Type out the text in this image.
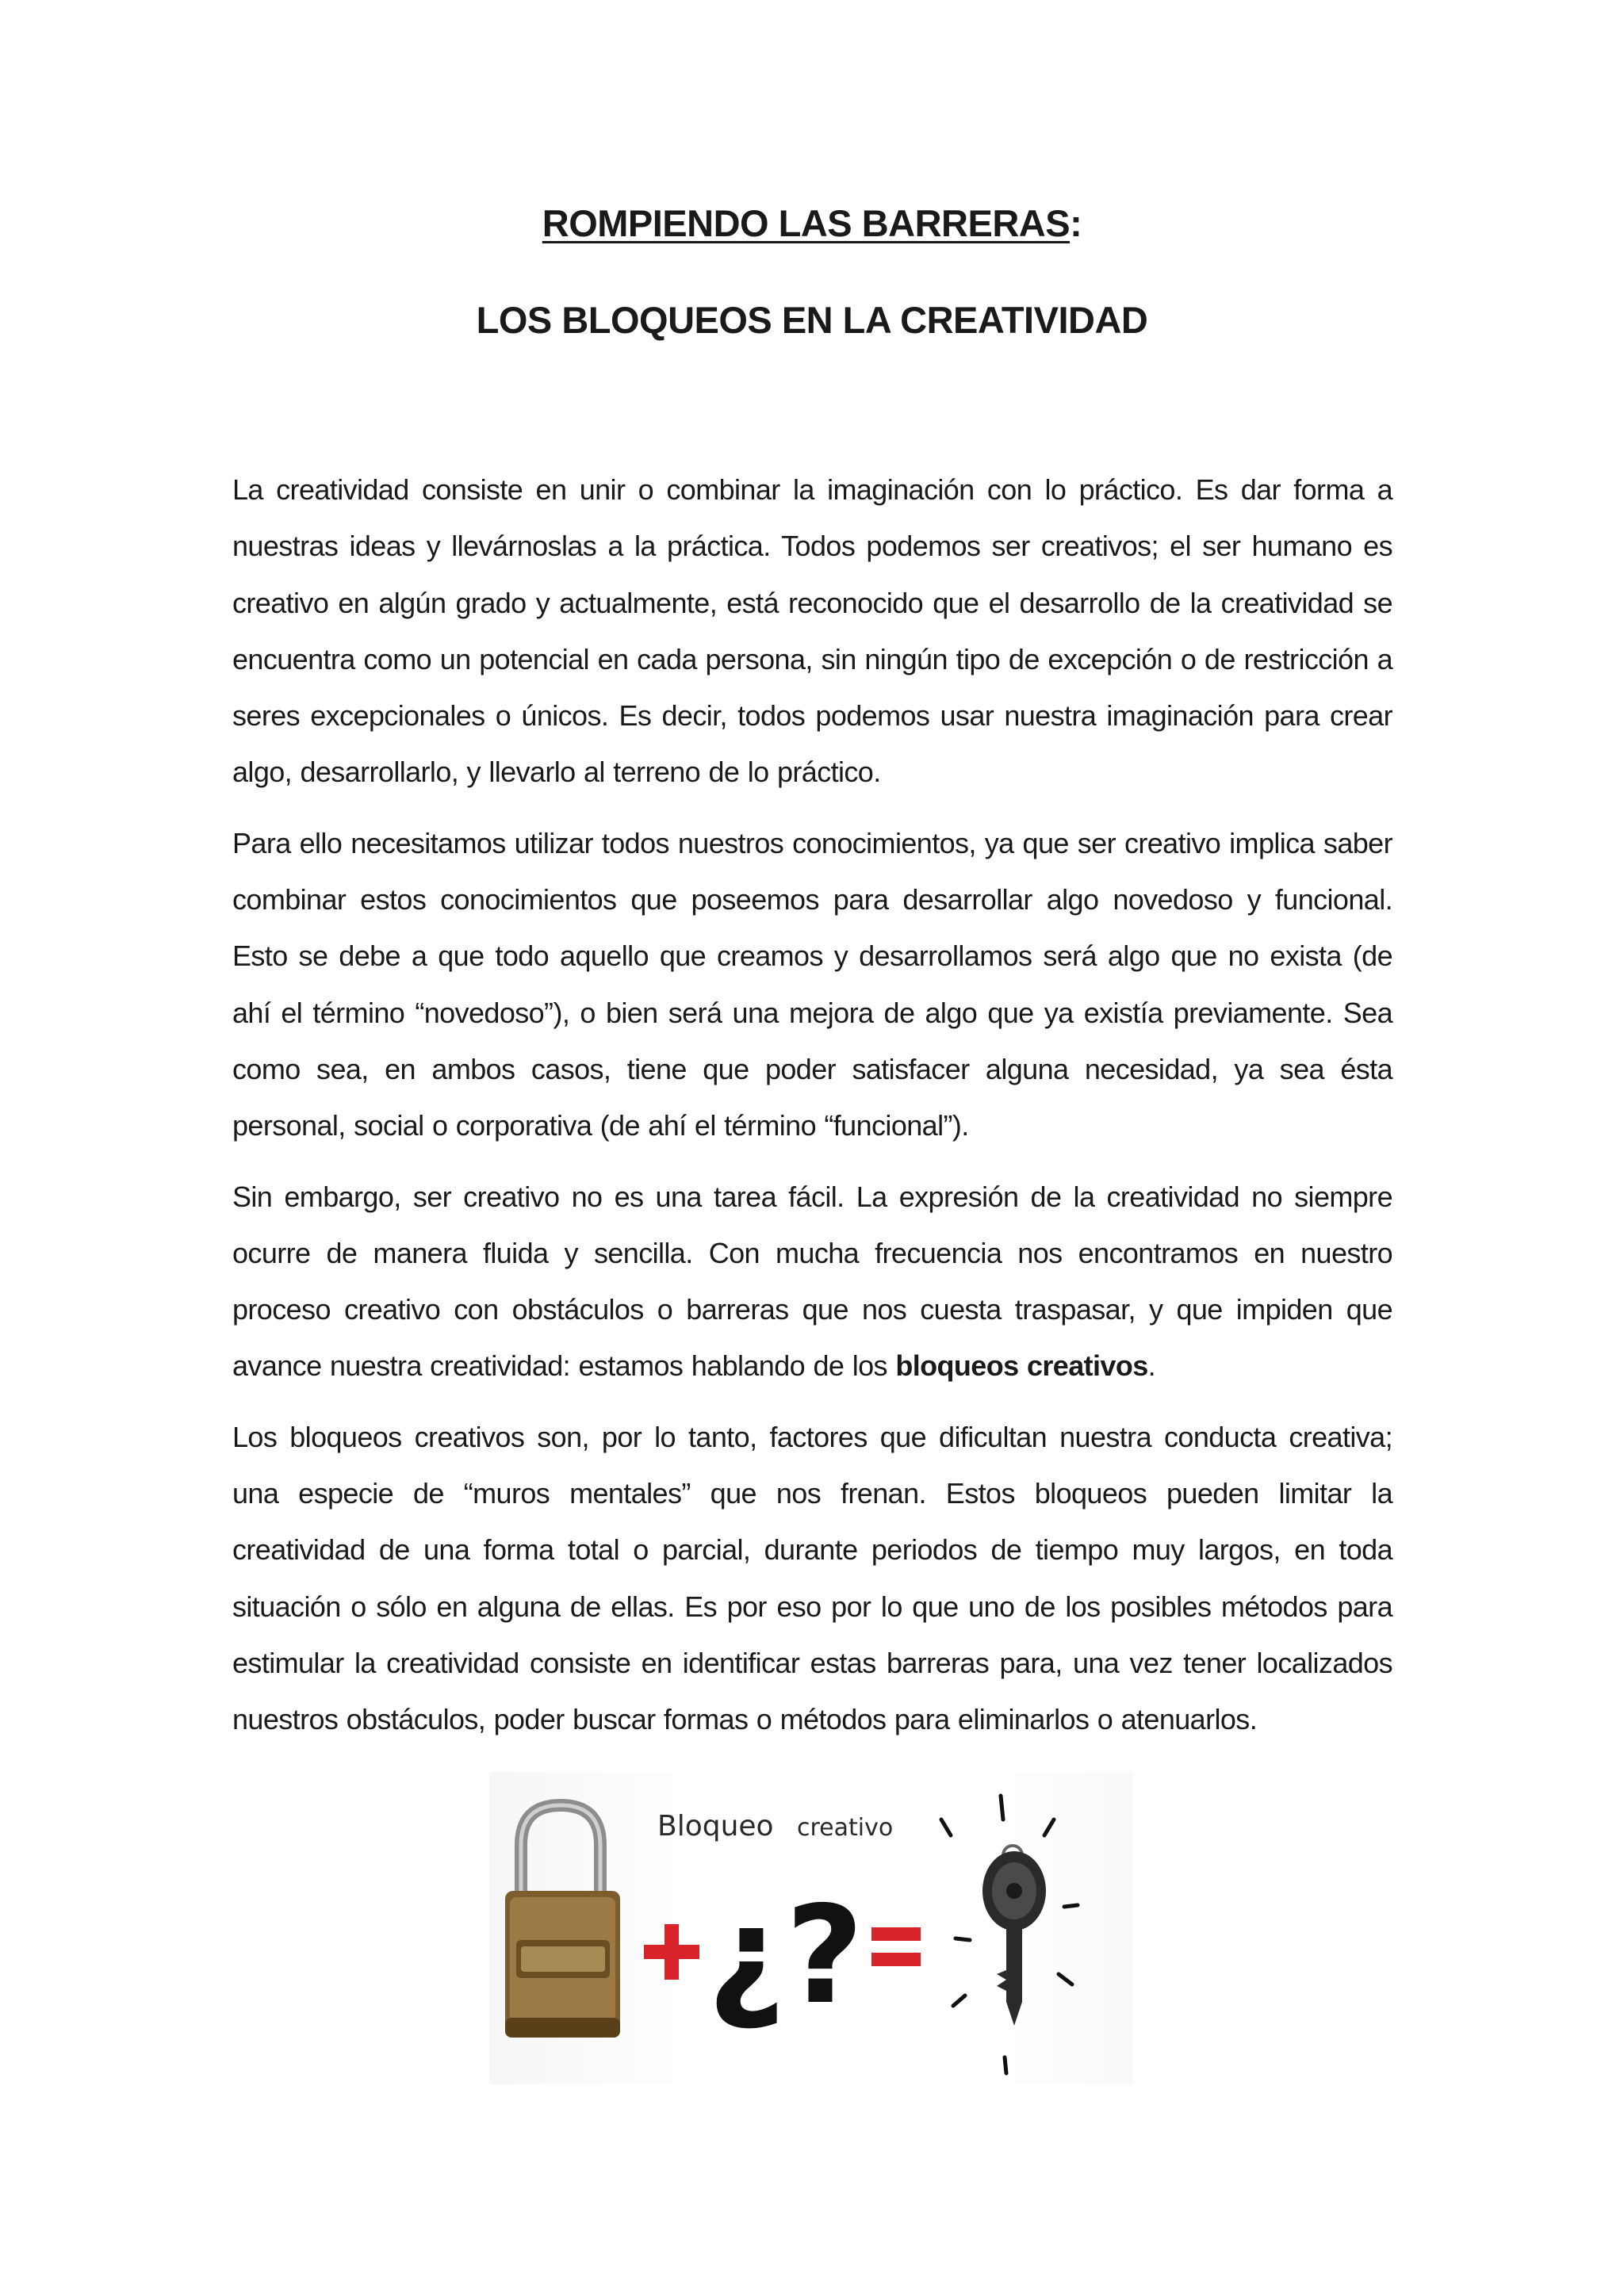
ROMPIENDO LAS BARRERAS:
LOS BLOQUEOS EN LA CREATIVIDAD

La creatividad consiste en unir o combinar la imaginación con lo práctico. Es dar forma a nuestras ideas y llevárnoslas a la práctica. Todos podemos ser creativos; el ser humano es creativo en algún grado y actualmente, está reconocido que el desarrollo de la creatividad se encuentra como un potencial en cada persona, sin ningún tipo de excepción o de restricción a seres excepcionales o únicos. Es decir, todos podemos usar nuestra imaginación para crear algo, desarrollarlo, y llevarlo al terreno de lo práctico.

Para ello necesitamos utilizar todos nuestros conocimientos, ya que ser creativo implica saber combinar estos conocimientos que poseemos para desarrollar algo novedoso y funcional. Esto se debe a que todo aquello que creamos y desarrollamos será algo que no exista (de ahí el término “novedoso”), o bien será una mejora de algo que ya existía previamente. Sea como sea, en ambos casos, tiene que poder satisfacer alguna necesidad, ya sea ésta personal, social o corporativa (de ahí el término “funcional”).

Sin embargo, ser creativo no es una tarea fácil. La expresión de la creatividad no siempre ocurre de manera fluida y sencilla. Con mucha frecuencia nos encontramos en nuestro proceso creativo con obstáculos o barreras que nos cuesta traspasar, y que impiden que avance nuestra creatividad: estamos hablando de los bloqueos creativos.

Los bloqueos creativos son, por lo tanto, factores que dificultan nuestra conducta creativa; una especie de “muros mentales” que nos frenan. Estos bloqueos pueden limitar la creatividad de una forma total o parcial, durante periodos de tiempo muy largos, en toda situación o sólo en alguna de ellas. Es por eso por lo que uno de los posibles métodos para estimular la creatividad consiste en identificar estas barreras para, una vez tener localizados nuestros obstáculos, poder buscar formas o métodos para eliminarlos o atenuarlos.

Bloqueo creativo
¿?
